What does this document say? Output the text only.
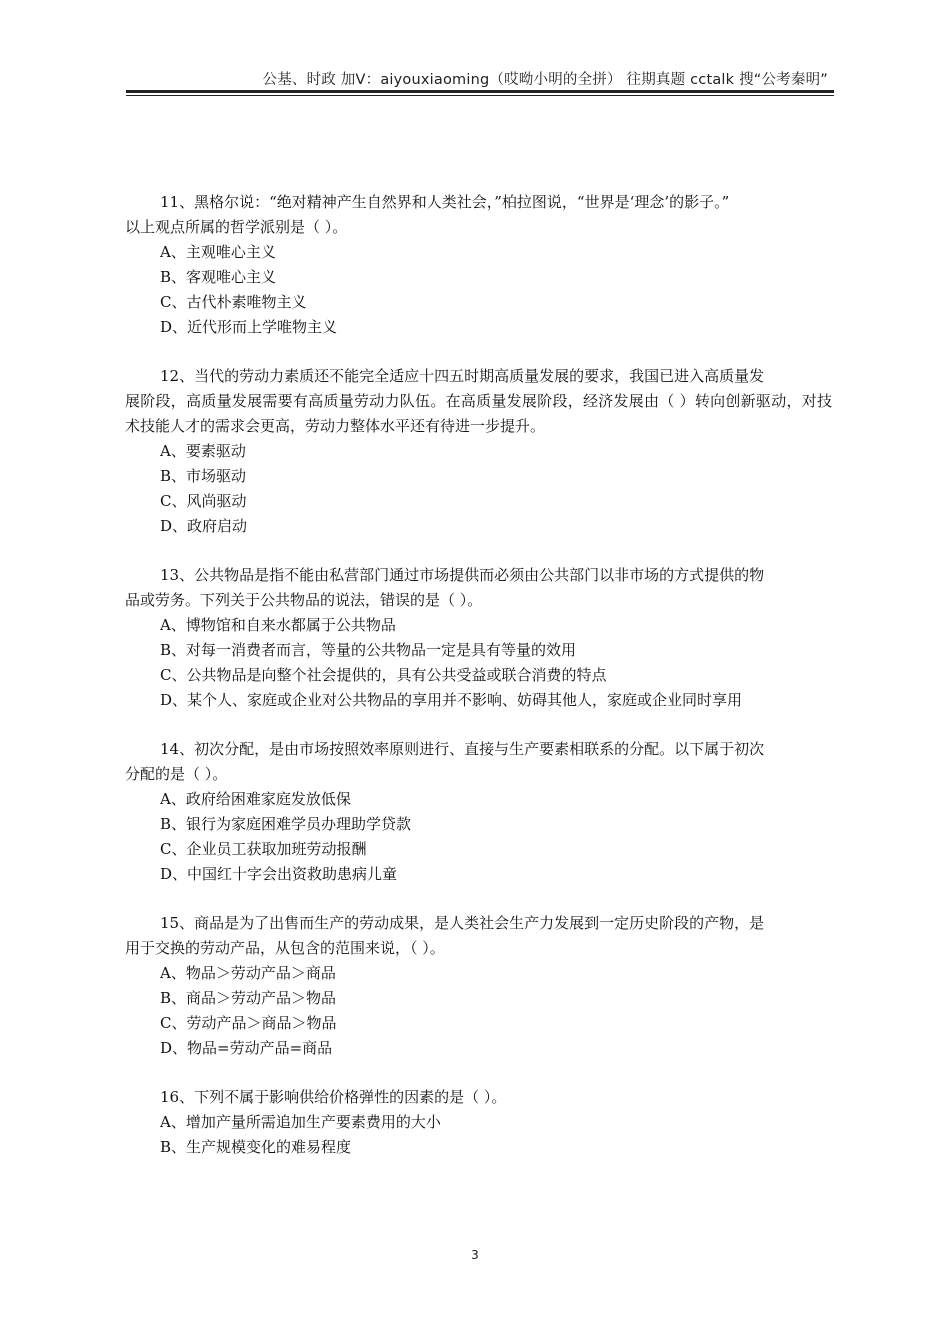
公基、时政 加V：aiyouxiaoming（哎呦小明的全拼） 往期真题 cctalk 搜“公考秦明”

11、黑格尔说：“绝对精神产生自然界和人类社会，”柏拉图说，“世界是‘理念’的影子。”

以上观点所属的哲学派别是（ ）。

A、主观唯心主义
B、客观唯心主义
C、古代朴素唯物主义
D、近代形而上学唯物主义

12、当代的劳动力素质还不能完全适应十四五时期高质量发展的要求，我国已进入高质量发

展阶段，高质量发展需要有高质量劳动力队伍。在高质量发展阶段，经济发展由（ ）转向创新驱动，对技术技能人才的需求会更高，劳动力整体水平还有待进一步提升。

A、要素驱动
B、市场驱动
C、风尚驱动
D、政府启动

13、公共物品是指不能由私营部门通过市场提供而必须由公共部门以非市场的方式提供的物

品或劳务。下列关于公共物品的说法，错误的是（ ）。

A、博物馆和自来水都属于公共物品
B、对每一消费者而言，等量的公共物品一定是具有等量的效用
C、公共物品是向整个社会提供的，具有公共受益或联合消费的特点
D、某个人、家庭或企业对公共物品的享用并不影响、妨碍其他人，家庭或企业同时享用

14、初次分配，是由市场按照效率原则进行、直接与生产要素相联系的分配。以下属于初次

分配的是（ ）。

A、政府给困难家庭发放低保
B、银行为家庭困难学员办理助学贷款
C、企业员工获取加班劳动报酬
D、中国红十字会出资救助患病儿童

15、商品是为了出售而生产的劳动成果，是人类社会生产力发展到一定历史阶段的产物，是

用于交换的劳动产品，从包含的范围来说，（ ）。

A、物品＞劳动产品＞商品
B、商品＞劳动产品＞物品
C、劳动产品＞商品＞物品
D、物品=劳动产品=商品

16、下列不属于影响供给价格弹性的因素的是（ ）。

A、增加产量所需追加生产要素费用的大小
B、生产规模变化的难易程度
3
